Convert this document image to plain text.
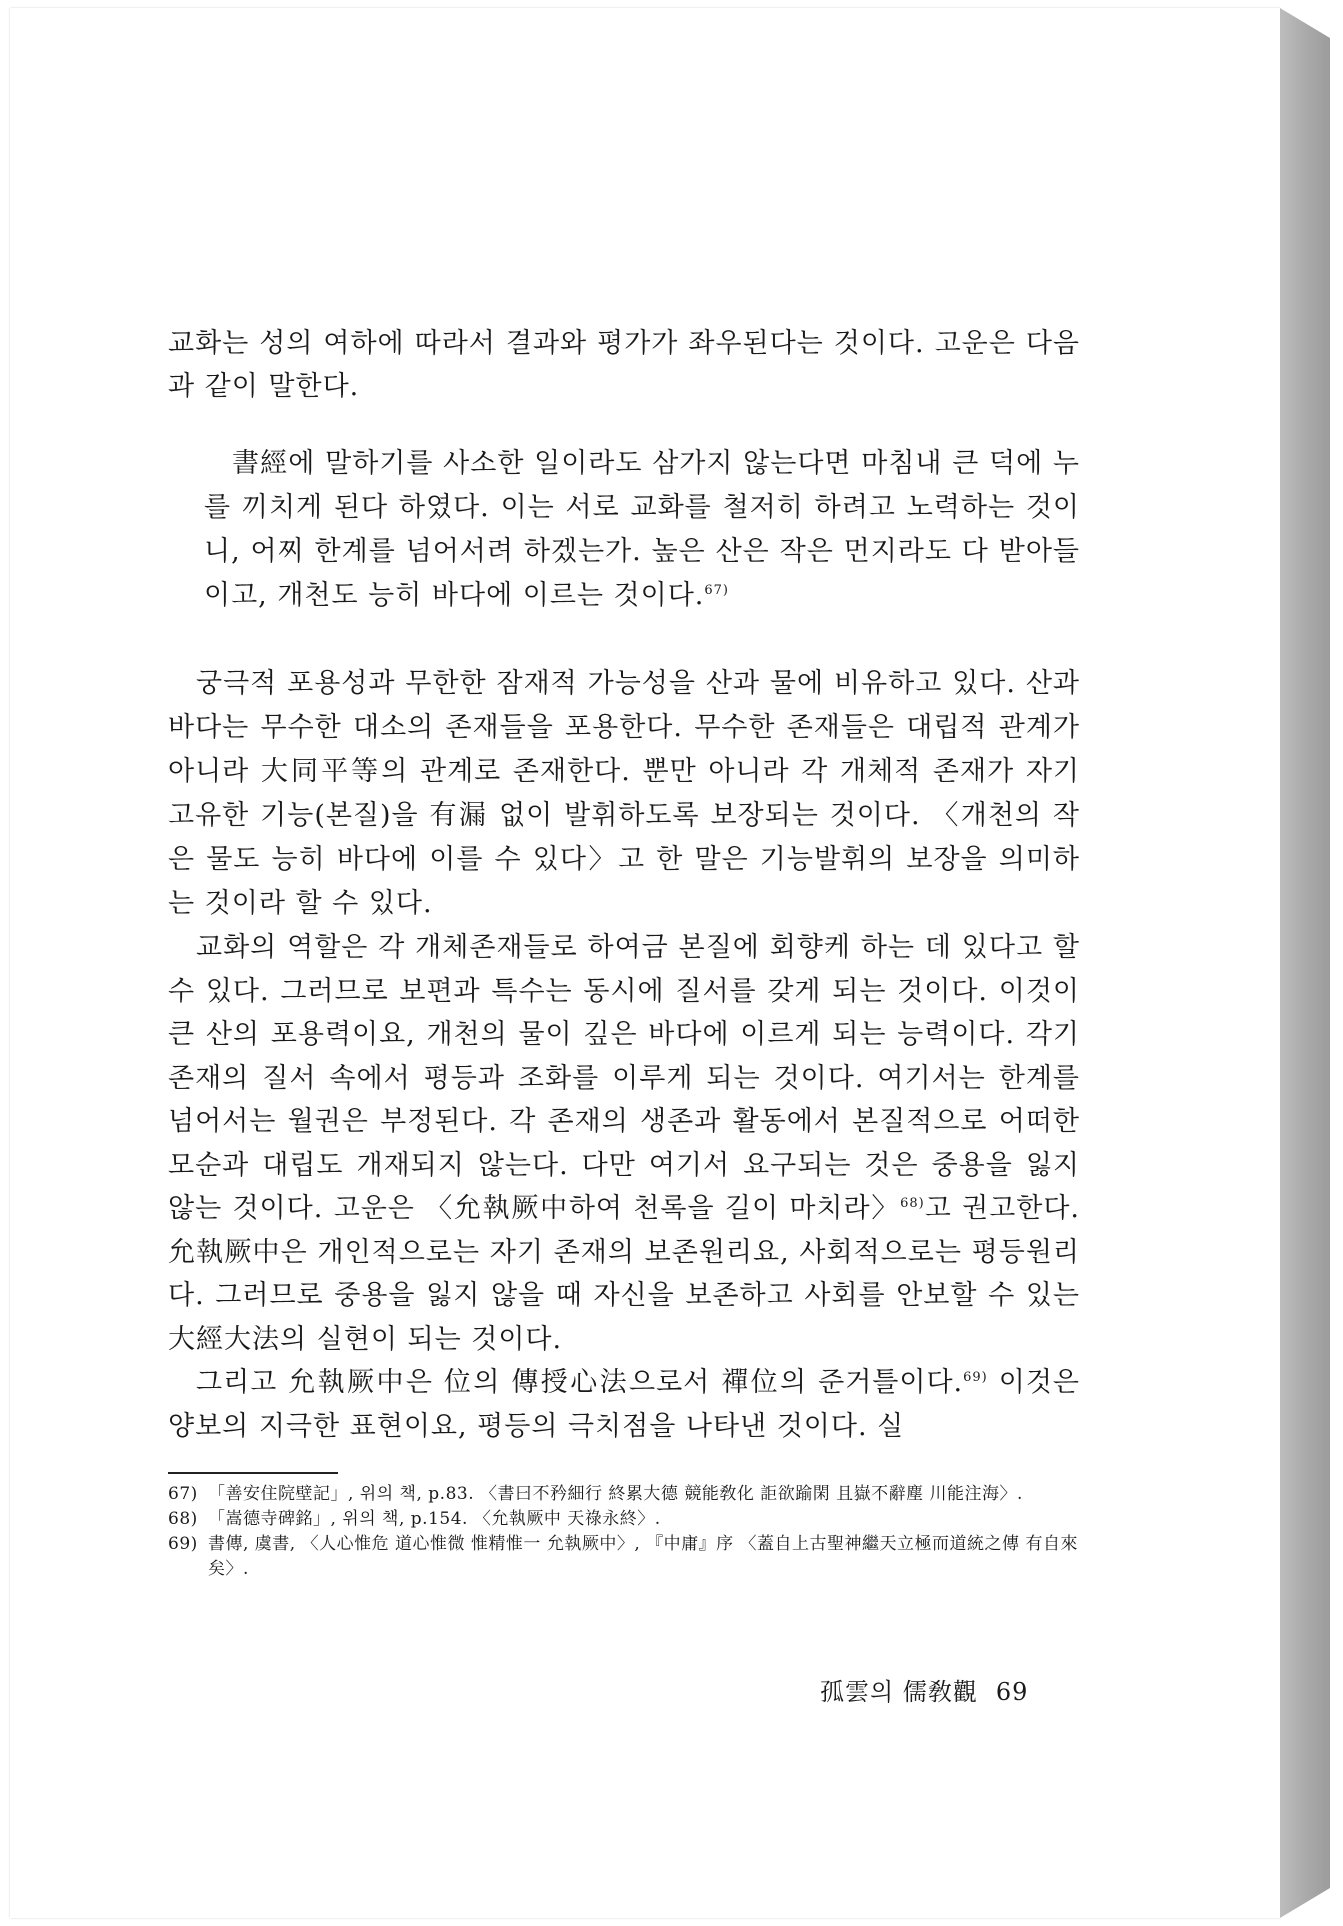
교화는 성의 여하에 따라서 결과와 평가가 좌우된다는 것이다. 고운은 다음과 같이 말한다.

書經에 말하기를 사소한 일이라도 삼가지 않는다면 마침내 큰 덕에 누를 끼치게 된다 하였다. 이는 서로 교화를 철저히 하려고 노력하는 것이니, 어찌 한계를 넘어서려 하겠는가. 높은 산은 작은 먼지라도 다 받아들이고, 개천도 능히 바다에 이르는 것이다.$^{67)}$

궁극적 포용성과 무한한 잠재적 가능성을 산과 물에 비유하고 있다. 산과 바다는 무수한 대소의 존재들을 포용한다. 무수한 존재들은 대립적 관계가 아니라 大同平等의 관계로 존재한다. 뿐만 아니라 각 개체적 존재가 자기 고유한 기능(본질)을 有漏 없이 발휘하도록 보장되는 것이다. 〈개천의 작은 물도 능히 바다에 이를 수 있다〉고 한 말은 기능발휘의 보장을 의미하는 것이라 할 수 있다.

교화의 역할은 각 개체존재들로 하여금 본질에 회향케 하는 데 있다고 할 수 있다. 그러므로 보편과 특수는 동시에 질서를 갖게 되는 것이다. 이것이 큰 산의 포용력이요, 개천의 물이 깊은 바다에 이르게 되는 능력이다. 각기 존재의 질서 속에서 평등과 조화를 이루게 되는 것이다. 여기서는 한계를 넘어서는 월권은 부정된다. 각 존재의 생존과 활동에서 본질적으로 어떠한 모순과 대립도 개재되지 않는다. 다만 여기서 요구되는 것은 중용을 잃지 않는 것이다. 고운은 〈允執厥中하여 천록을 길이 마치라〉$^{68)}$고 권고한다. 允執厥中은 개인적으로는 자기 존재의 보존원리요, 사회적으로는 평등원리다. 그러므로 중용을 잃지 않을 때 자신을 보존하고 사회를 안보할 수 있는 大經大法의 실현이 되는 것이다.

그리고 允執厥中은 位의 傳授心法으로서 禪位의 준거틀이다.$^{69)}$ 이것은 양보의 지극한 표현이요, 평등의 극치점을 나타낸 것이다. 실

67) 「善安住院壁記」, 위의 책, p.83. 〈書曰不矜細行 終累大德 競能敎化 詎欲踰閑 且嶽不辭塵 川能注海〉.
68) 「嵩德寺碑銘」, 위의 책, p.154. 〈允執厥中 天祿永終〉.
69) 書傳, 虞書, 〈人心惟危 道心惟微 惟精惟一 允執厥中〉, 『中庸』序 〈蓋自上古聖神繼天立極而道統之傳 有自來矣〉.
孤雲의 儒敎觀 69
